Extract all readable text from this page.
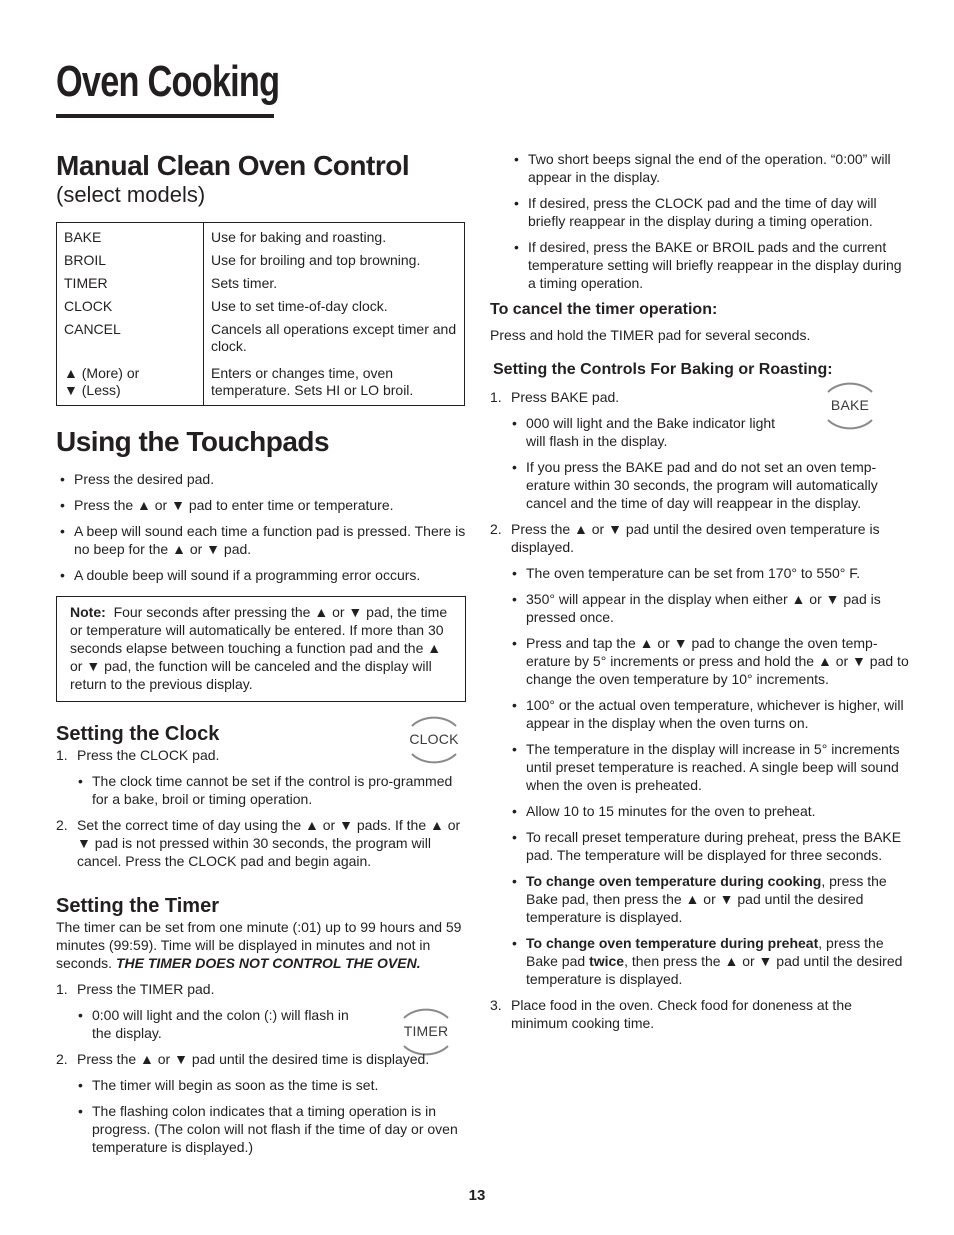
Oven Cooking
Manual Clean Oven Control
(select models)
BAKE	Use for baking and roasting.
BROIL	Use for broiling and top browning.
TIMER	Sets timer.
CLOCK	Use to set time-of-day clock.
CANCEL	Cancels all operations except timer and clock.
▲ (More) or
▼ (Less)	Enters or changes time, oven temperature. Sets HI or LO broil.
Using the Touchpads
• Press the desired pad.
• Press the ▲ or ▼ pad to enter time or temperature.
• A beep will sound each time a function pad is pressed. There is no beep for the ▲ or ▼ pad.
• A double beep will sound if a programming error occurs.
Note: Four seconds after pressing the ▲ or ▼ pad, the time or temperature will automatically be entered. If more than 30 seconds elapse between touching a function pad and the ▲ or ▼ pad, the function will be canceled and the display will return to the previous display.
Setting the Clock	CLOCK
1. Press the CLOCK pad.
• The clock time cannot be set if the control is pro-grammed for a bake, broil or timing operation.
2. Set the correct time of day using the ▲ or ▼ pads. If the ▲ or ▼ pad is not pressed within 30 seconds, the program will cancel. Press the CLOCK pad and begin again.
Setting the Timer

The timer can be set from one minute (:01) up to 99 hours and 59 minutes (99:59). Time will be displayed in minutes and not in seconds. THE TIMER DOES NOT CONTROL THE OVEN.

TIMER
1. Press the TIMER pad.
• 0:00 will light and the colon (:) will flash in the display.
2. Press the ▲ or ▼ pad until the desired time is displayed.
• The timer will begin as soon as the time is set.
• The flashing colon indicates that a timing operation is in progress. (The colon will not flash if the time of day or oven temperature is displayed.)
• Two short beeps signal the end of the operation. “0:00” will appear in the display.
• If desired, press the CLOCK pad and the time of day will briefly reappear in the display during a timing operation.
• If desired, press the BAKE or BROIL pads and the current temperature setting will briefly reappear in the display during a timing operation.
To cancel the timer operation:

Press and hold the TIMER pad for several seconds.

Setting the Controls For Baking or Roasting:
BAKE
1. Press BAKE pad.
• 000 will light and the Bake indicator light will flash in the display.
• If you press the BAKE pad and do not set an oven temp-erature within 30 seconds, the program will automatically cancel and the time of day will reappear in the display.
2. Press the ▲ or ▼ pad until the desired oven temperature is displayed.
• The oven temperature can be set from 170° to 550° F.
• 350° will appear in the display when either ▲ or ▼ pad is pressed once.
• Press and tap the ▲ or ▼ pad to change the oven temp-erature by 5° increments or press and hold the ▲ or ▼ pad to change the oven temperature by 10° increments.
• 100° or the actual oven temperature, whichever is higher, will appear in the display when the oven turns on.
• The temperature in the display will increase in 5° increments until preset temperature is reached. A single beep will sound when the oven is preheated.
• Allow 10 to 15 minutes for the oven to preheat.
• To recall preset temperature during preheat, press the BAKE pad. The temperature will be displayed for three seconds.
• To change oven temperature during cooking, press the Bake pad, then press the ▲ or ▼ pad until the desired temperature is displayed.
• To change oven temperature during preheat, press the Bake pad twice, then press the ▲ or ▼ pad until the desired temperature is displayed.
3. Place food in the oven. Check food for doneness at the minimum cooking time.
13
